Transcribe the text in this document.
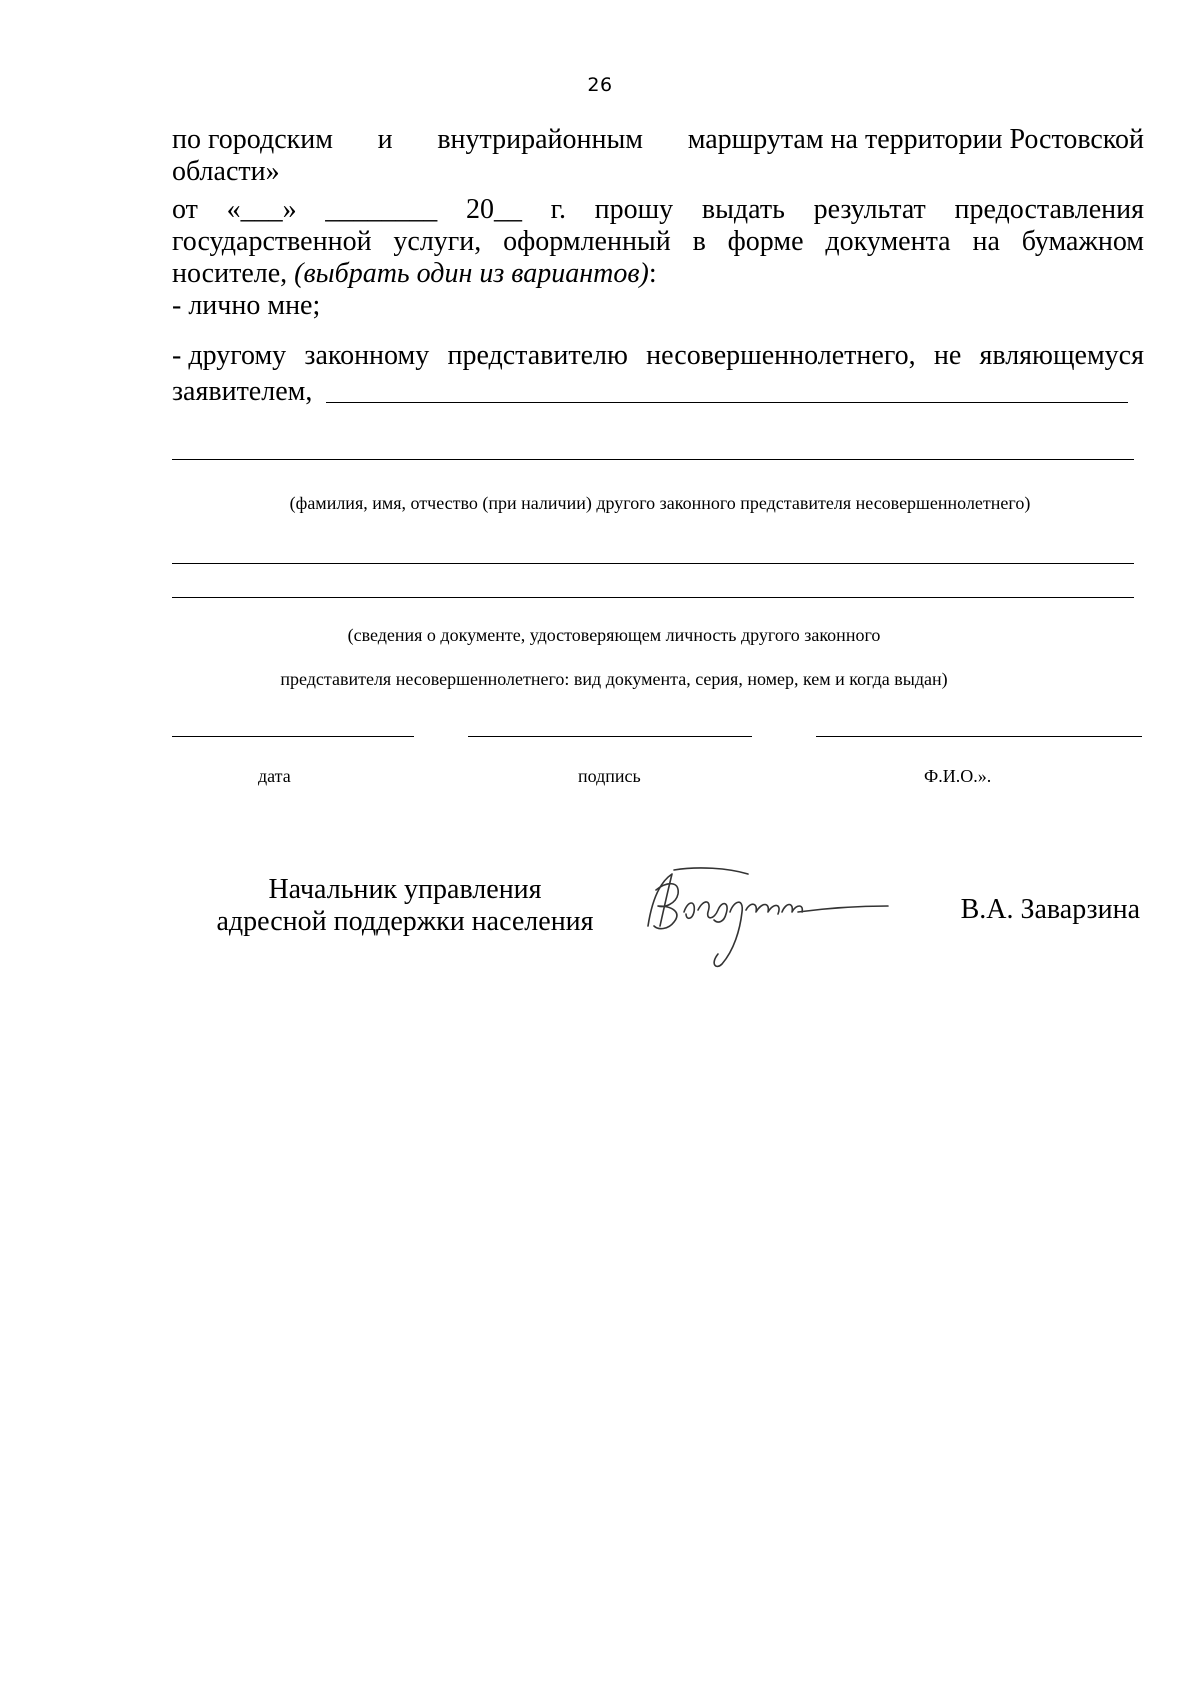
26
по городским и внутрирайонным маршрутам на территории Ростовской
области»
от «___» ________ 20__ г. прошу выдать результат предоставления
государственной услуги, оформленный в форме документа на бумажном
носителе, (выбрать один из вариантов):
- лично мне;
- другому законному представителю несовершеннолетнего, не являющемуся
заявителем,
(фамилия, имя, отчество (при наличии) другого законного представителя несовершеннолетнего)
(сведения о документе, удостоверяющем личность другого законного
представителя несовершеннолетнего: вид документа, серия, номер, кем и когда выдан)
дата	подпись	Ф.И.О.».
Начальник управления
адресной поддержки населения	В.А. Заварзина
